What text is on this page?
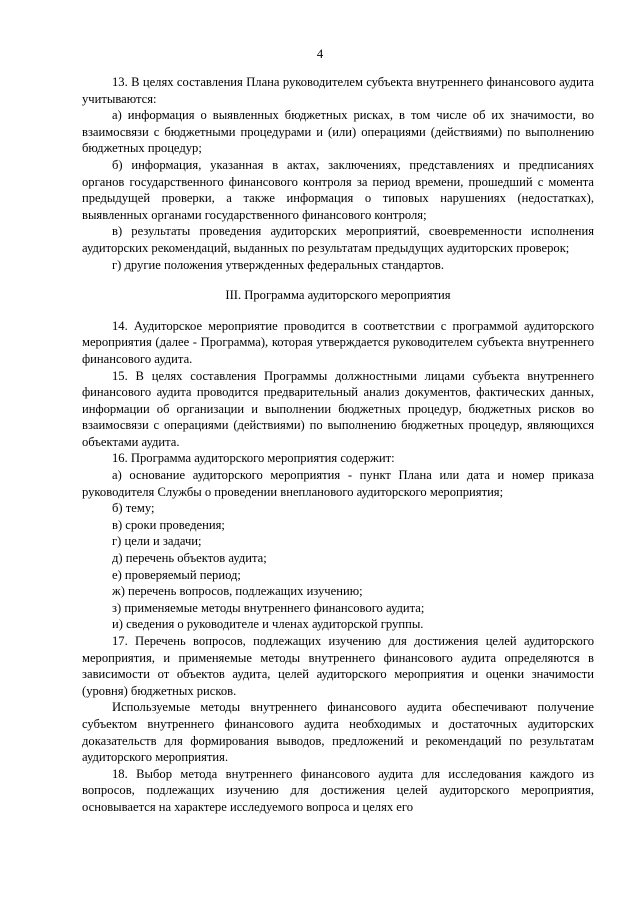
4

13. В целях составления Плана руководителем субъекта внутреннего финансового аудита учитываются:

а) информация о выявленных бюджетных рисках, в том числе об их значимости, во взаимосвязи с бюджетными процедурами и (или) операциями (действиями) по выполнению бюджетных процедур;

б) информация, указанная в актах, заключениях, представлениях и предписаниях органов государственного финансового контроля за период времени, прошедший с момента предыдущей проверки, а также информация о типовых нарушениях (недостатках), выявленных органами государственного финансового контроля;

в) результаты проведения аудиторских мероприятий, своевременности исполнения аудиторских рекомендаций, выданных по результатам предыдущих аудиторских проверок;

г) другие положения утвержденных федеральных стандартов.

III. Программа аудиторского мероприятия

14. Аудиторское мероприятие проводится в соответствии с программой аудиторского мероприятия (далее - Программа), которая утверждается руководителем субъекта внутреннего финансового аудита.

15. В целях составления Программы должностными лицами субъекта внутреннего финансового аудита проводится предварительный анализ документов, фактических данных, информации об организации и выполнении бюджетных процедур, бюджетных рисков во взаимосвязи с операциями (действиями) по выполнению бюджетных процедур, являющихся объектами аудита.

16. Программа аудиторского мероприятия содержит:

а) основание аудиторского мероприятия - пункт Плана или дата и номер приказа руководителя Службы о проведении внепланового аудиторского мероприятия;

б) тему;

в) сроки проведения;

г) цели и задачи;

д) перечень объектов аудита;

е) проверяемый период;

ж) перечень вопросов, подлежащих изучению;

з) применяемые методы внутреннего финансового аудита;

и) сведения о руководителе и членах аудиторской группы.

17. Перечень вопросов, подлежащих изучению для достижения целей аудиторского мероприятия, и применяемые методы внутреннего финансового аудита определяются в зависимости от объектов аудита, целей аудиторского мероприятия и оценки значимости (уровня) бюджетных рисков.

Используемые методы внутреннего финансового аудита обеспечивают получение субъектом внутреннего финансового аудита необходимых и достаточных аудиторских доказательств для формирования выводов, предложений и рекомендаций по результатам аудиторского мероприятия.

18. Выбор метода внутреннего финансового аудита для исследования каждого из вопросов, подлежащих изучению для достижения целей аудиторского мероприятия, основывается на характере исследуемого вопроса и целях его
